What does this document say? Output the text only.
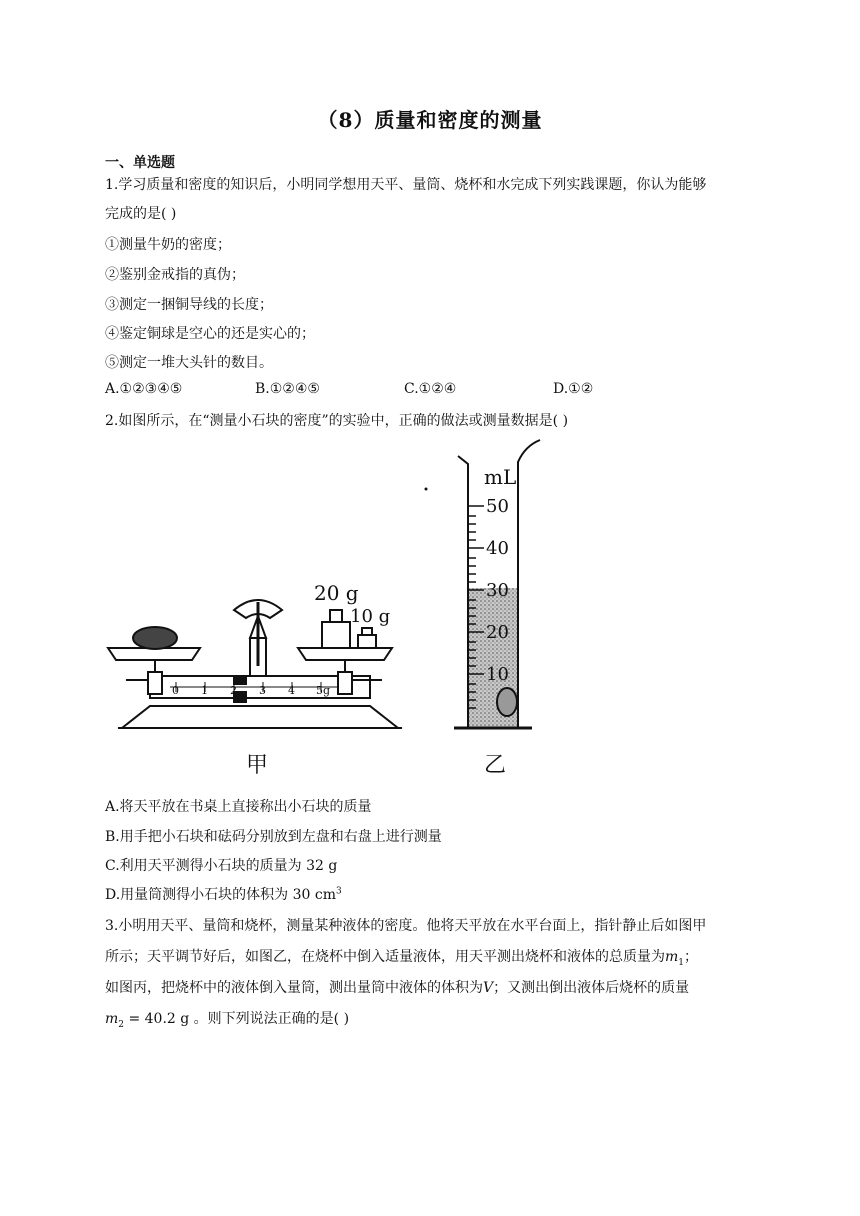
（8）质量和密度的测量
一、单选题
1.学习质量和密度的知识后，小明同学想用天平、量筒、烧杯和水完成下列实践课题，你认为能够
完成的是( )
①测量牛奶的密度；
②鉴别金戒指的真伪；
③测定一捆铜导线的长度；
④鉴定铜球是空心的还是实心的；
⑤测定一堆大头针的数目。
A.①②③④⑤	B.①②④⑤	C.①②④	D.①②
2.如图所示，在“测量小石块的密度”的实验中，正确的做法或测量数据是( )
20 g
10 g
0 1 2 3 4 5g
mL
50
40
30
20
10
甲	乙
A.将天平放在书桌上直接称出小石块的质量
B.用手把小石块和砝码分别放到左盘和右盘上进行测量
C.利用天平测得小石块的质量为 32 g
D.用量筒测得小石块的体积为 30 $cm^3$
3.小明用天平、量筒和烧杯，测量某种液体的密度。他将天平放在水平台面上，指针静止后如图甲
所示；天平调节好后，如图乙，在烧杯中倒入适量液体，用天平测出烧杯和液体的总质量为$m_1$；
如图丙，把烧杯中的液体倒入量筒，测出量筒中液体的体积为V；又测出倒出液体后烧杯的质量
$m_2 = 40.2$ g 。则下列说法正确的是( )
